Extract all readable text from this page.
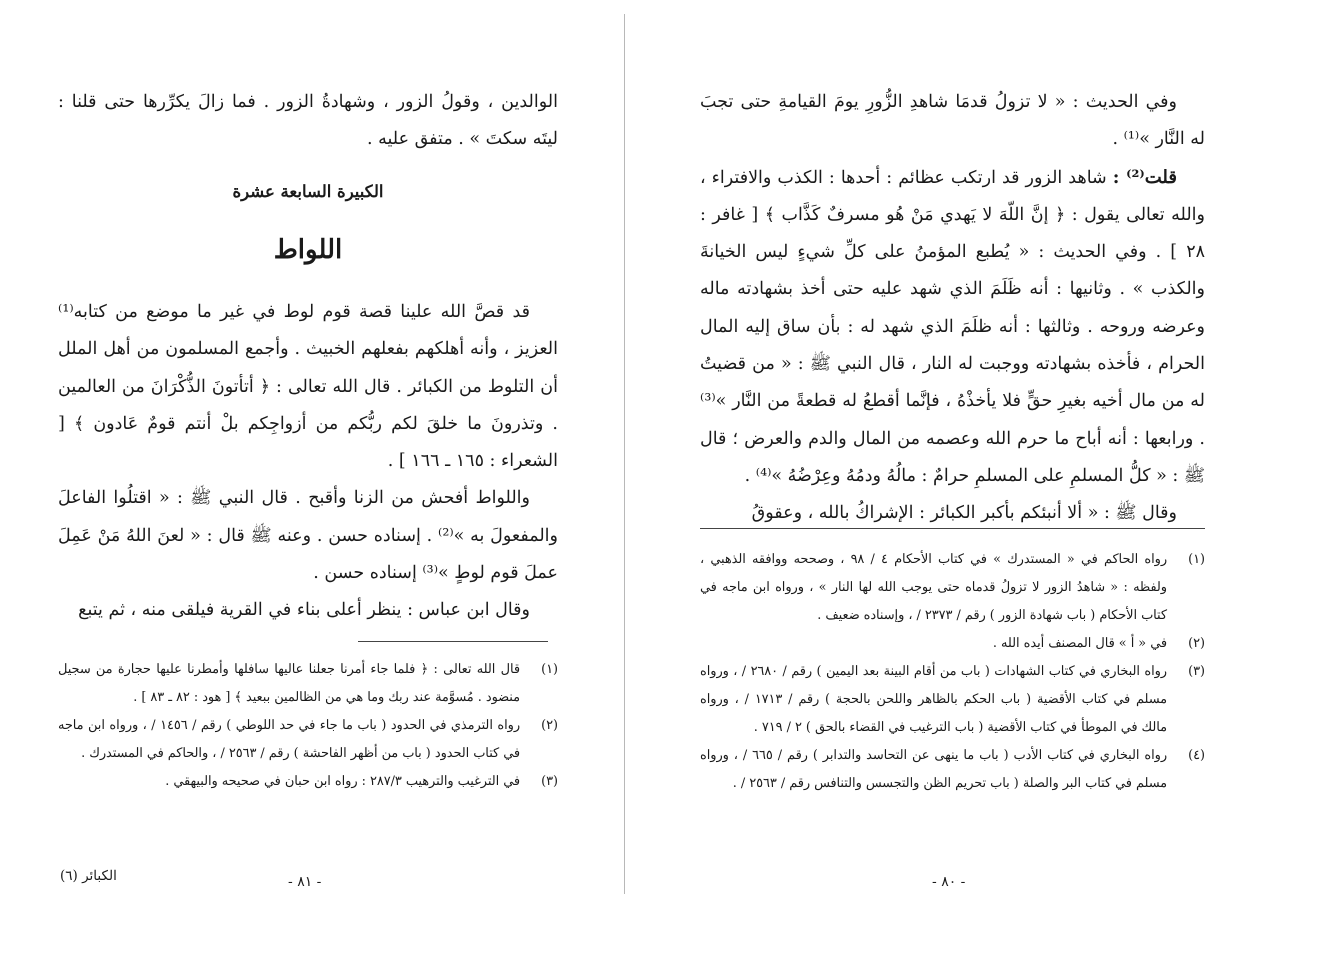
وفي الحديث : « لا تزولُ قدمَا شاهدِ الزُّورِ يومَ القيامةِ حتى تجبَ له النَّار »⁽¹⁾ .

قلت⁽²⁾ : شاهد الزور قد ارتكب عظائم : أحدها : الكذب والافتراء ، والله تعالى يقول : ﴿ إنَّ اللّهَ لا يَهدي مَنْ هُو مسرفٌ كَذَّاب ﴾ [ غافر : ٢٨ ] . وفي الحديث : « يُطبع المؤمنُ على كلِّ شيءٍ ليس الخيانةَ والكذب » . وثانيها : أنه ظَلَمَ الذي شهد عليه حتى أخذ بشهادته ماله وعرضه وروحه . وثالثها : أنه ظلَمَ الذي شهد له : بأن ساق إليه المال الحرام ، فأخذه بشهادته ووجبت له النار ، قال النبي ﷺ : « من قضيتُ له من مال أخيه بغيرِ حقٍّ فلا يأخذْهُ ، فإنَّما أقطعُ له قطعةً من النَّار »⁽³⁾ . ورابعها : أنه أباح ما حرم الله وعصمه من المال والدم والعرض ؛ قال ﷺ : « كلُّ المسلمِ على المسلمِ حرامٌ : مالُهُ ودمُهُ وعِرْضُهُ »⁽⁴⁾ .

وقال ﷺ : « ألا أنبئكم بأكبر الكبائر : الإشراكُ بالله ، وعقوقُ

(١)
رواه الحاكم في « المستدرك » في كتاب الأحكام ٤ / ٩٨ ، وصححه ووافقه الذهبي ، ولفظه : « شاهدُ الزور لا تزولُ قدماه حتى يوجب الله لها النار » ، ورواه ابن ماجه في كتاب الأحكام ( باب شهادة الزور ) رقم / ٢٣٧٣ / ، وإسناده ضعيف .
(٢)
في « أ » قال المصنف أيده الله .
(٣)
رواه البخاري في كتاب الشهادات ( باب من أقام البينة بعد اليمين ) رقم / ٢٦٨٠ / ، ورواه مسلم في كتاب الأقضية ( باب الحكم بالظاهر واللحن بالحجة ) رقم / ١٧١٣ / ، ورواه مالك في الموطأ في كتاب الأقضية ( باب الترغيب في القضاء بالحق ) ٢ / ٧١٩ .
(٤)
رواه البخاري في كتاب الأدب ( باب ما ينهى عن التحاسد والتدابر ) رقم / ٦٦٥ / ، ورواه مسلم في كتاب البر والصلة ( باب تحريم الظن والتجسس والتنافس رقم / ٢٥٦٣ / .
- ٨٠ -

الوالدين ، وقولُ الزور ، وشهادةُ الزور . فما زالَ يكرِّرها حتى قلنا : ليتَه سكتَ » . متفق عليه .

الكبيرة السابعة عشرة
اللواط

قد قصَّ الله علينا قصة قوم لوط في غير ما موضع من كتابه⁽¹⁾ العزيز ، وأنه أهلكهم بفعلهم الخبيث . وأجمع المسلمون من أهل الملل أن التلوط من الكبائر . قال الله تعالى : ﴿ أتأتونَ الذُّكْرَانَ من العالمين . وتذرونَ ما خلقَ لكم ربُّكم من أزواجِكم بلْ أنتم قومٌ عَادون ﴾ [ الشعراء : ١٦٥ ـ ١٦٦ ] .

واللواط أفحش من الزنا وأقبح . قال النبي ﷺ : « اقتلُوا الفاعلَ والمفعولَ به »⁽²⁾ . إسناده حسن . وعنه ﷺ قال : « لعنَ اللهُ مَنْ عَمِلَ عملَ قوم لوطٍ »⁽³⁾ إسناده حسن .

وقال ابن عباس : ينظر أعلى بناء في القرية فيلقى منه ، ثم يتبع

(١)
قال الله تعالى : ﴿ فلما جاء أمرنا جعلنا عاليها سافلها وأمطرنا عليها حجارة من سجيل منضود . مُسوَّمة عند ربك وما هي من الظالمين ببعيد ﴾ [ هود : ٨٢ ـ ٨٣ ] .
(٢)
رواه الترمذي في الحدود ( باب ما جاء في حد اللوطي ) رقم / ١٤٥٦ / ، ورواه ابن ماجه في كتاب الحدود ( باب من أظهر الفاحشة ) رقم / ٢٥٦٣ / ، والحاكم في المستدرك .
(٣)
في الترغيب والترهيب ٢٨٧/٣ : رواه ابن حبان في صحيحه والبيهقي .
- ٨١ -
الكبائر (٦)
